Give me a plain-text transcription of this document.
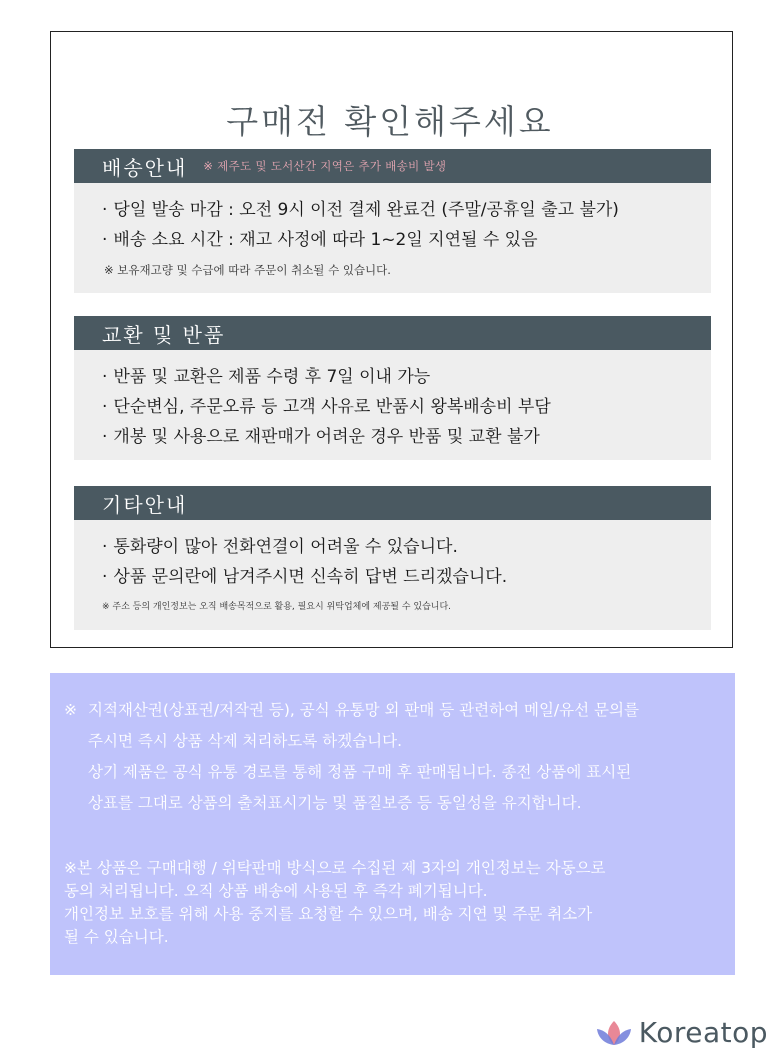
구매전 확인해주세요
배송안내 ※ 제주도 및 도서산간 지역은 추가 배송비 발생
· 당일 발송 마감 : 오전 9시 이전 결제 완료건 (주말/공휴일 출고 불가)
· 배송 소요 시간 : 재고 사정에 따라 1~2일 지연될 수 있음
※ 보유재고량 및 수급에 따라 주문이 취소될 수 있습니다.
교환 및 반품
· 반품 및 교환은 제품 수령 후 7일 이내 가능
· 단순변심, 주문오류 등 고객 사유로 반품시 왕복배송비 부담
· 개봉 및 사용으로 재판매가 어려운 경우 반품 및 교환 불가
기타안내
· 통화량이 많아 전화연결이 어려울 수 있습니다.
· 상품 문의란에 남겨주시면 신속히 답변 드리겠습니다.
※ 주소 등의 개인정보는 오직 배송목적으로 활용, 필요시 위탁업체에 제공될 수 있습니다.
※ 지적재산권(상표권/저작권 등), 공식 유통망 외 판매 등 관련하여 메일/유선 문의를
주시면 즉시 상품 삭제 처리하도록 하겠습니다.
상기 제품은 공식 유통 경로를 통해 정품 구매 후 판매됩니다. 종전 상품에 표시된
상표를 그대로 상품의 출처표시기능 및 품질보증 등 동일성을 유지합니다.
※본 상품은 구매대행 / 위탁판매 방식으로 수집된 제 3자의 개인정보는 자동으로
동의 처리됩니다. 오직 상품 배송에 사용된 후 즉각 폐기됩니다.
개인정보 보호를 위해 사용 중지를 요청할 수 있으며, 배송 지연 및 주문 취소가
될 수 있습니다.
Koreatop
